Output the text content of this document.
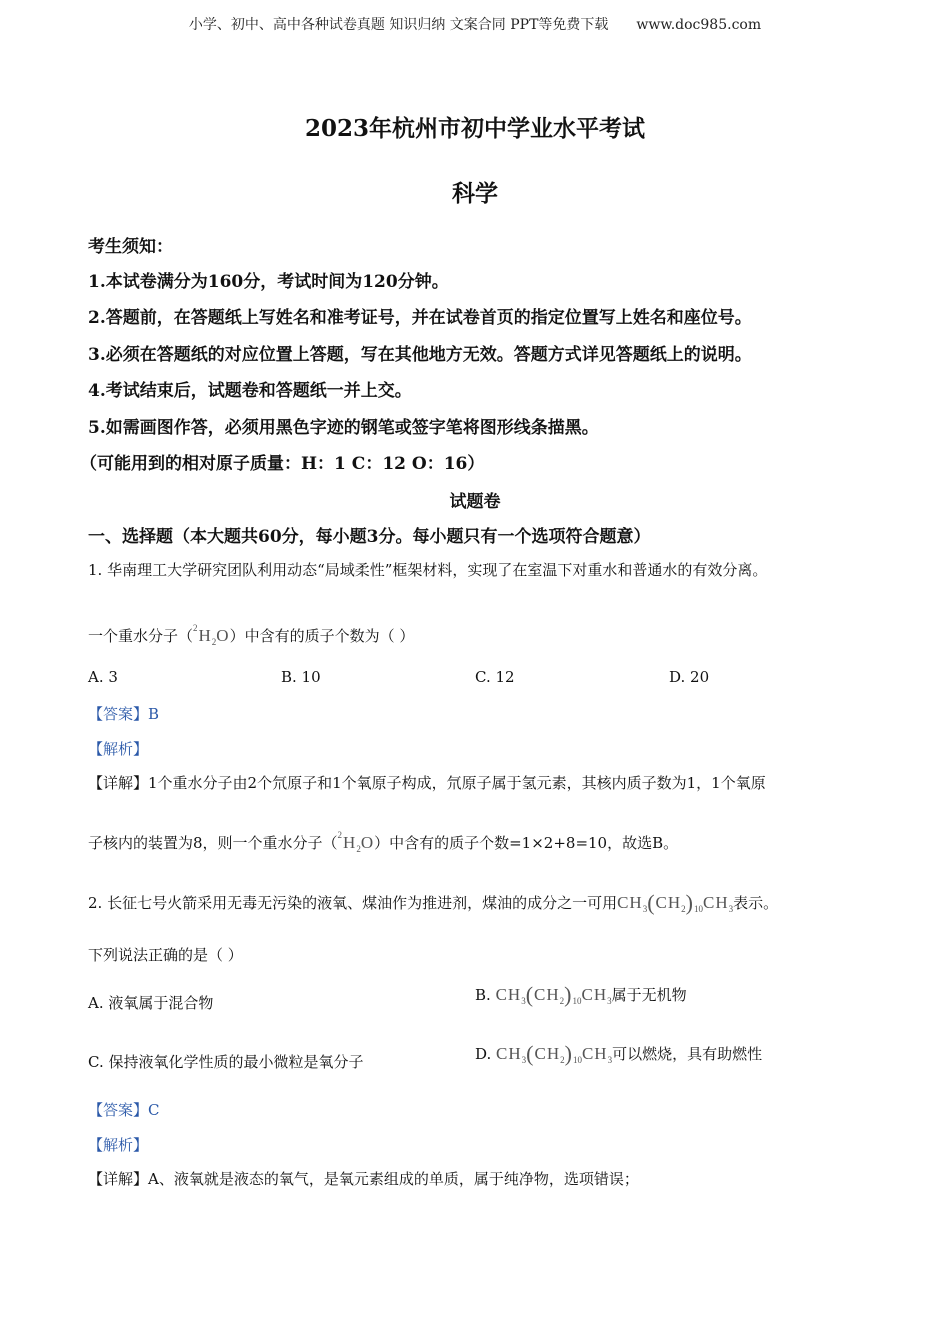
小学、初中、高中各种试卷真题 知识归纳 文案合同 PPT等免费下载 www.doc985.com
2023年杭州市初中学业水平考试
科学
考生须知：
1.本试卷满分为160分，考试时间为120分钟。
2.答题前，在答题纸上写姓名和准考证号，并在试卷首页的指定位置写上姓名和座位号。
3.必须在答题纸的对应位置上答题，写在其他地方无效。答题方式详见答题纸上的说明。
4.考试结束后，试题卷和答题纸一并上交。
5.如需画图作答，必须用黑色字迹的钢笔或签字笔将图形线条描黑。
（可能用到的相对原子质量：H：1 C：12 O：16）
试题卷
一、选择题（本大题共60分，每小题3分。每小题只有一个选项符合题意）
1. 华南理工大学研究团队利用动态“局域柔性”框架材料，实现了在室温下对重水和普通水的有效分离。
一个重水分子$(^2H_2O)$中含有的质子个数为（ ）
A. 3	B. 10	C. 12	D. 20
【答案】B
【解析】
【详解】1个重水分子由2个氘原子和1个氧原子构成，氘原子属于氢元素，其核内质子数为1，1个氧原
子核内的装置为8，则一个重水分子$(^2H_2O)$中含有的质子个数=1×2+8=10，故选B。
2. 长征七号火箭采用无毒无污染的液氧、煤油作为推进剂，煤油的成分之一可用$CH_3(CH_2)_{10}CH_3$表示。
下列说法正确的是（ ）
A. 液氧属于混合物	B. $CH_3(CH_2)_{10}CH_3$属于无机物
C. 保持液氧化学性质的最小微粒是氧分子	D. $CH_3(CH_2)_{10}CH_3$可以燃烧，具有助燃性
【答案】C
【解析】
【详解】A、液氧就是液态的氧气，是氧元素组成的单质，属于纯净物，选项错误；
